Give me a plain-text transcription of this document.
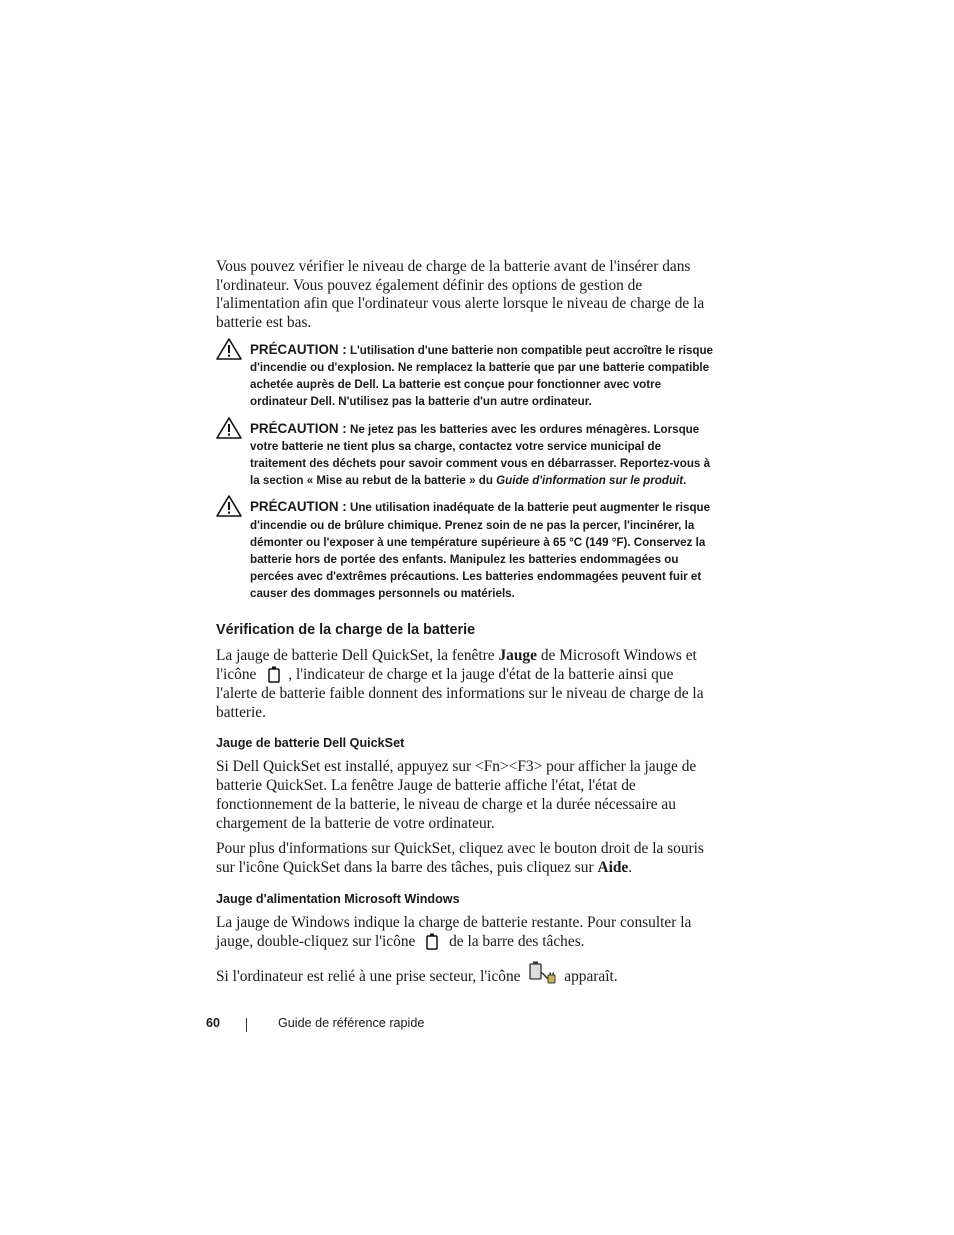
Vous pouvez vérifier le niveau de charge de la batterie avant de l'insérer dans l'ordinateur. Vous pouvez également définir des options de gestion de l'alimentation afin que l'ordinateur vous alerte lorsque le niveau de charge de la batterie est bas.

PRÉCAUTION : L'utilisation d'une batterie non compatible peut accroître le risque d'incendie ou d'explosion. Ne remplacez la batterie que par une batterie compatible achetée auprès de Dell. La batterie est conçue pour fonctionner avec votre ordinateur Dell. N'utilisez pas la batterie d'un autre ordinateur.
PRÉCAUTION : Ne jetez pas les batteries avec les ordures ménagères. Lorsque votre batterie ne tient plus sa charge, contactez votre service municipal de traitement des déchets pour savoir comment vous en débarrasser. Reportez-vous à la section « Mise au rebut de la batterie » du Guide d'information sur le produit.
PRÉCAUTION : Une utilisation inadéquate de la batterie peut augmenter le risque d'incendie ou de brûlure chimique. Prenez soin de ne pas la percer, l'incinérer, la démonter ou l'exposer à une température supérieure à 65 °C (149 °F). Conservez la batterie hors de portée des enfants. Manipulez les batteries endommagées ou percées avec d'extrêmes précautions. Les batteries endommagées peuvent fuir et causer des dommages personnels ou matériels.
Vérification de la charge de la batterie

La jauge de batterie Dell QuickSet, la fenêtre Jauge de Microsoft Windows et l'icône , l'indicateur de charge et la jauge d'état de la batterie ainsi que l'alerte de batterie faible donnent des informations sur le niveau de charge de la batterie.

Jauge de batterie Dell QuickSet

Si Dell QuickSet est installé, appuyez sur <Fn><F3> pour afficher la jauge de batterie QuickSet. La fenêtre Jauge de batterie affiche l'état, l'état de fonctionnement de la batterie, le niveau de charge et la durée nécessaire au chargement de la batterie de votre ordinateur.

Pour plus d'informations sur QuickSet, cliquez avec le bouton droit de la souris sur l'icône QuickSet dans la barre des tâches, puis cliquez sur Aide.

Jauge d'alimentation Microsoft Windows

La jauge de Windows indique la charge de batterie restante. Pour consulter la jauge, double-cliquez sur l'icône de la barre des tâches.

Si l'ordinateur est relié à une prise secteur, l'icône	apparaît.

60	Guide de référence rapide
